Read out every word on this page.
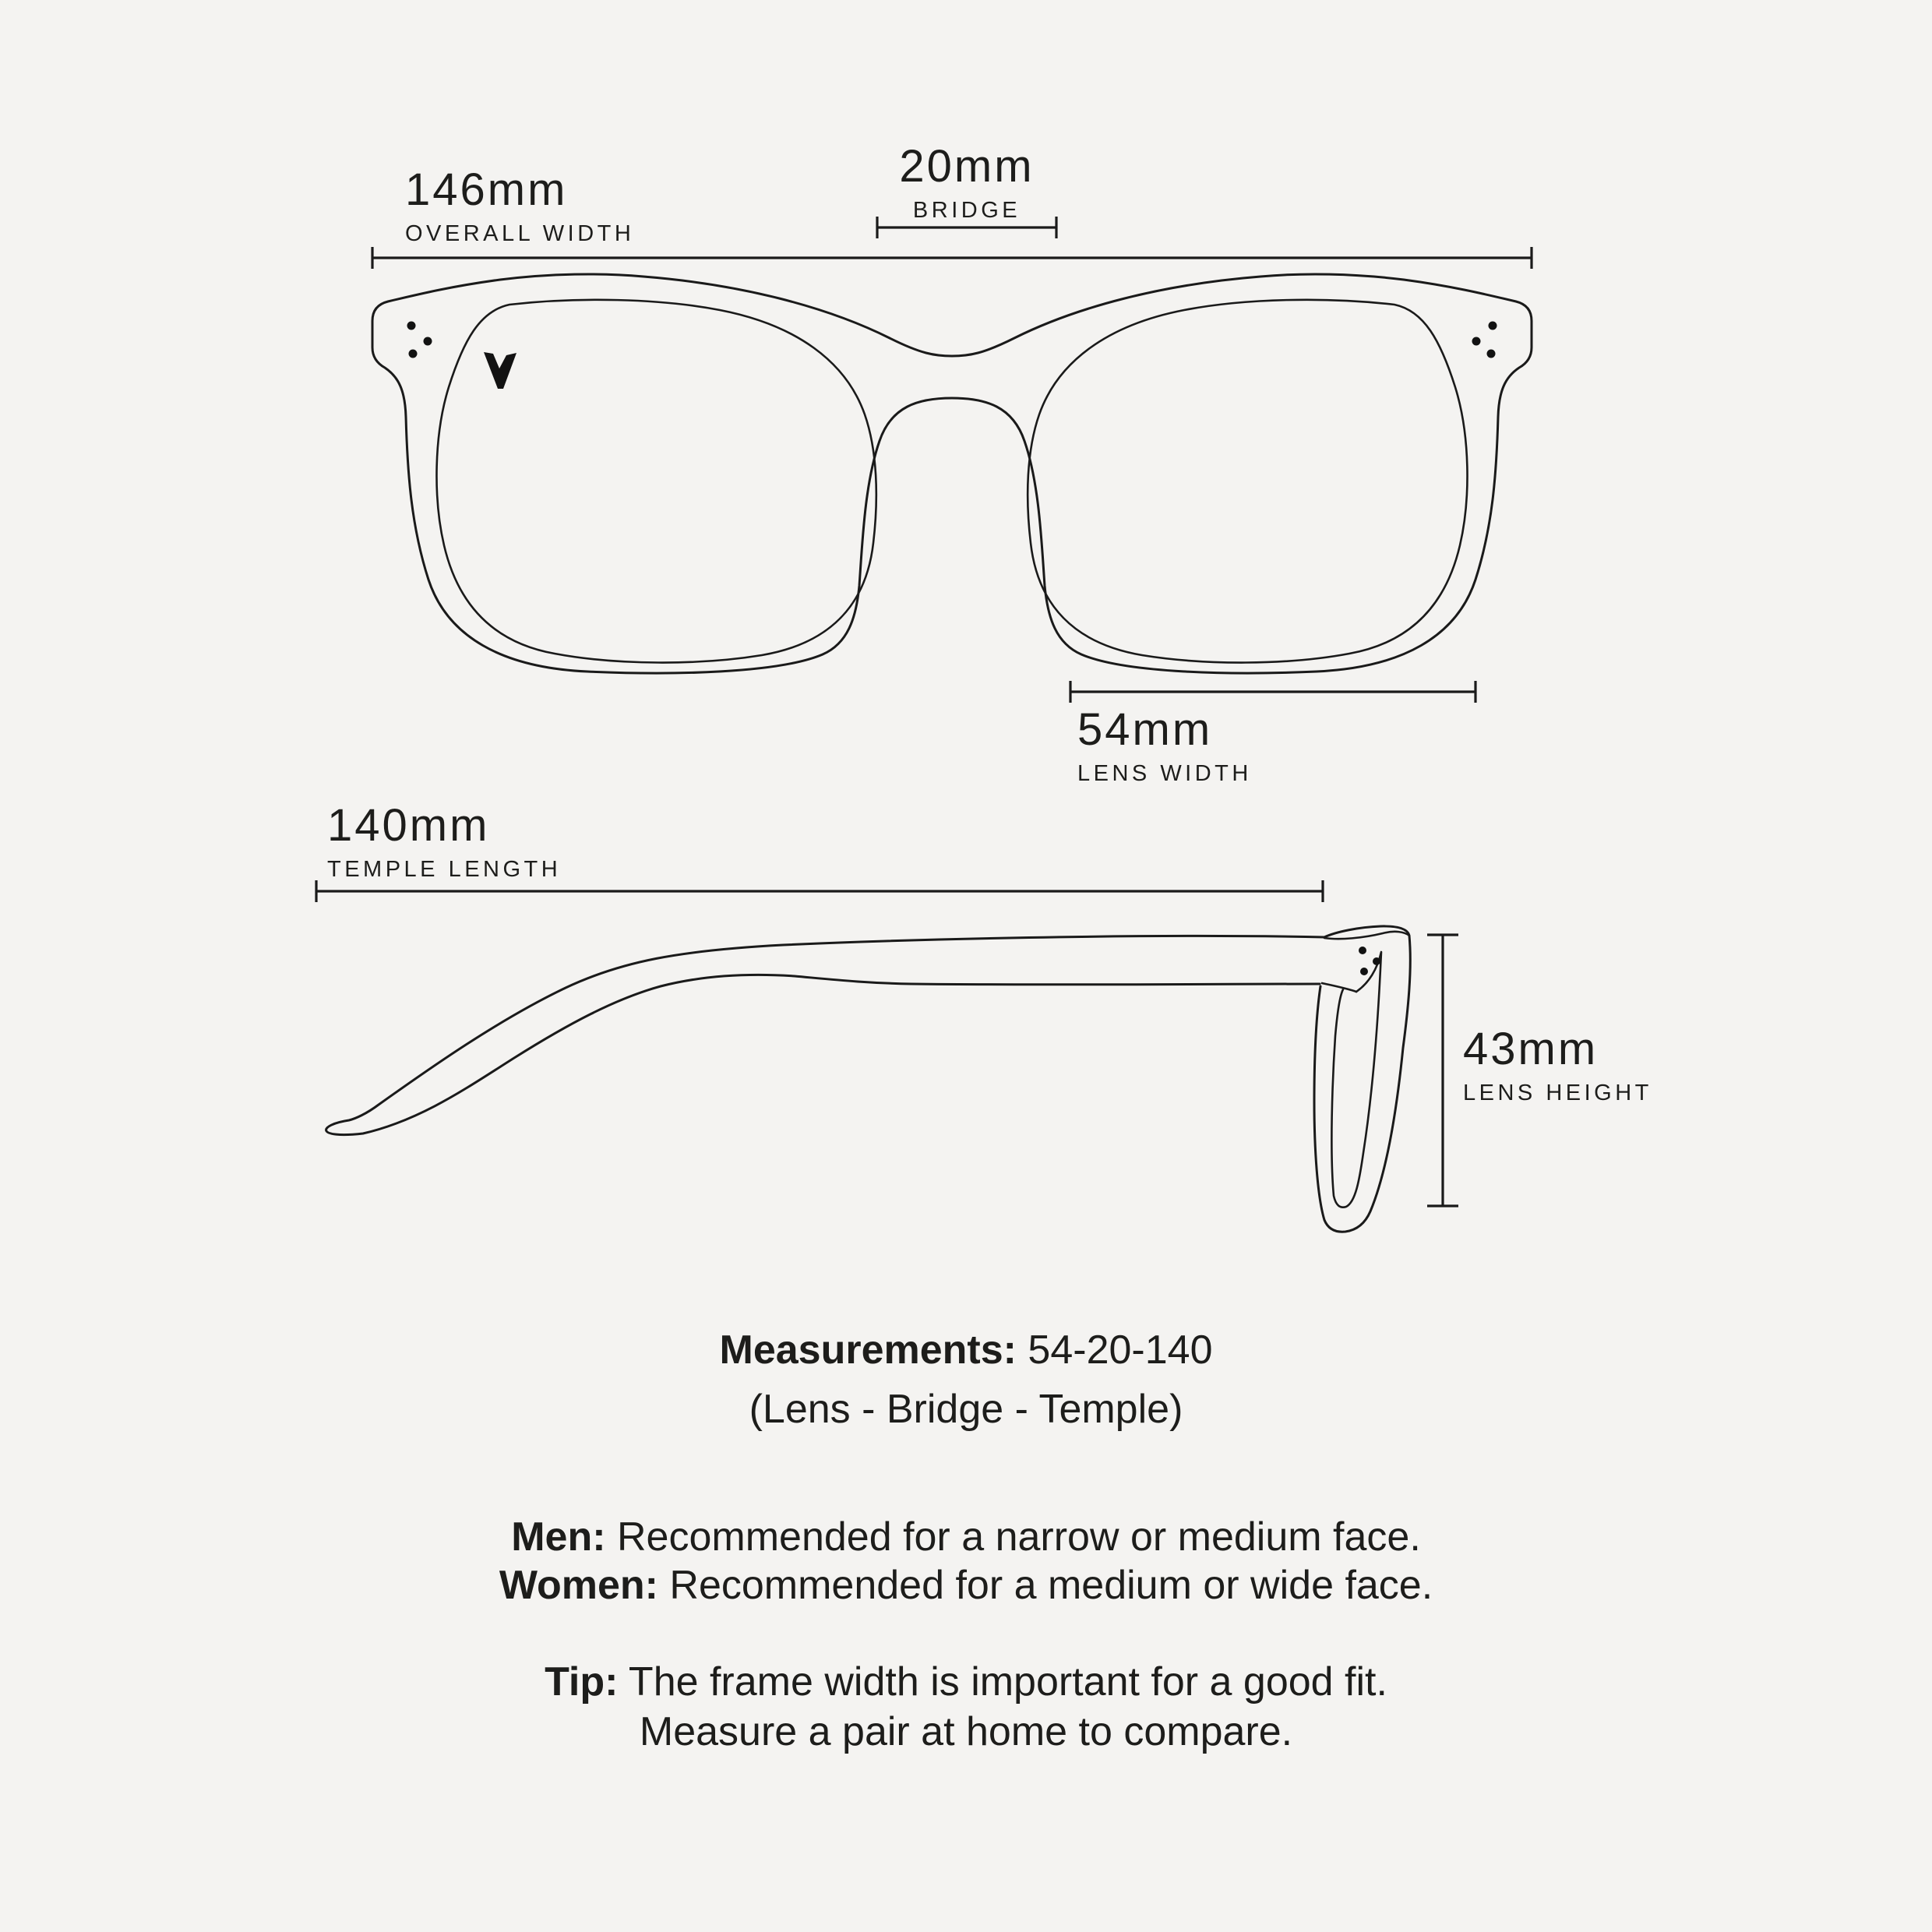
146mm
OVERALL WIDTH
20mm
BRIDGE
54mm
LENS WIDTH
140mm
TEMPLE LENGTH
43mm
LENS HEIGHT
Measurements: 54-20-140
(Lens - Bridge - Temple)
Men: Recommended for a narrow or medium face.
Women: Recommended for a medium or wide face.
Tip: The frame width is important for a good fit.
Measure a pair at home to compare.
